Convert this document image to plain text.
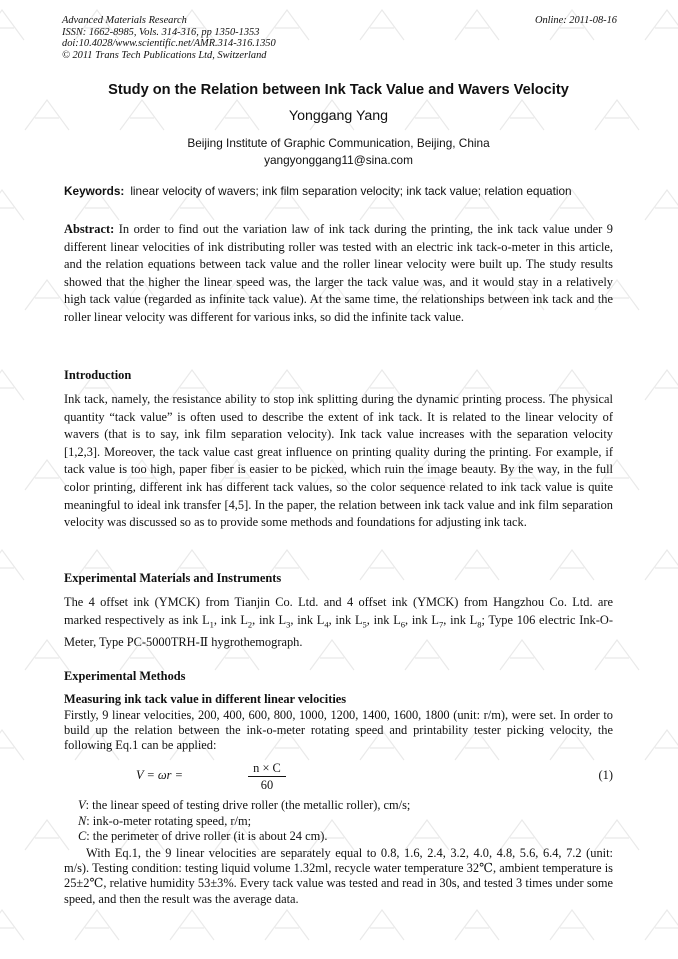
Advanced Materials Research
ISSN: 1662-8985, Vols. 314-316, pp 1350-1353
doi:10.4028/www.scientific.net/AMR.314-316.1350
© 2011 Trans Tech Publications Ltd, Switzerland
Online: 2011-08-16
Study on the Relation between Ink Tack Value and Wavers Velocity
Yonggang Yang
Beijing Institute of Graphic Communication, Beijing, China
yangyonggang11@sina.com
Keywords: linear velocity of wavers; ink film separation velocity; ink tack value; relation equation
Abstract: In order to find out the variation law of ink tack during the printing, the ink tack value under 9 different linear velocities of ink distributing roller was tested with an electric ink tack-o-meter in this article, and the relation equations between tack value and the roller linear velocity were built up. The study results showed that the higher the linear speed was, the larger the tack value was, and it would stay in a relatively high tack value (regarded as infinite tack value). At the same time, the relationships between ink tack and the roller linear velocity was different for various inks, so did the infinite tack value.
Introduction
Ink tack, namely, the resistance ability to stop ink splitting during the dynamic printing process. The physical quantity “tack value” is often used to describe the extent of ink tack. It is related to the linear velocity of wavers (that is to say, ink film separation velocity). Ink tack value increases with the separation velocity [1,2,3]. Moreover, the tack value cast great influence on printing quality during the printing. For example, if tack value is too high, paper fiber is easier to be picked, which ruin the image beauty. By the way, in the full color printing, different ink has different tack values, so the color sequence related to ink tack value is quite meaningful to ideal ink transfer [4,5]. In the paper, the relation between ink tack value and ink film separation velocity was discussed so as to provide some methods and foundations for adjusting ink tack.
Experimental Materials and Instruments
The 4 offset ink (YMCK) from Tianjin Co. Ltd. and 4 offset ink (YMCK) from Hangzhou Co. Ltd. are marked respectively as ink $L_1$, ink $L_2$, ink $L_3$, ink $L_4$, ink $L_5$, ink $L_6$, ink $L_7$, ink $L_8$; Type 106 electric Ink-O-Meter, Type PC-5000TRH-Ⅱ hygrothemograph.
Experimental Methods
Measuring ink tack value in different linear velocities
Firstly, 9 linear velocities, 200, 400, 600, 800, 1000, 1200, 1400, 1600, 1800 (unit: r/m), were set. In order to build up the relation between the ink-o-meter rotating speed and printability tester picking velocity, the following Eq.1 can be applied:
V = ωr =	$\frac{n \times C}{60}$	(1)
V: the linear speed of testing drive roller (the metallic roller), cm/s;
N: ink-o-meter rotating speed, r/m;
C: the perimeter of drive roller (it is about 24 cm).
With Eq.1, the 9 linear velocities are separately equal to 0.8, 1.6, 2.4, 3.2, 4.0, 4.8, 5.6, 6.4, 7.2 (unit: m/s). Testing condition: testing liquid volume 1.32ml, recycle water temperature 32℃, ambient temperature is 25±2℃, relative humidity 53±3%. Every tack value was tested and read in 30s, and tested 3 times under some speed, and then the result was the average data.
